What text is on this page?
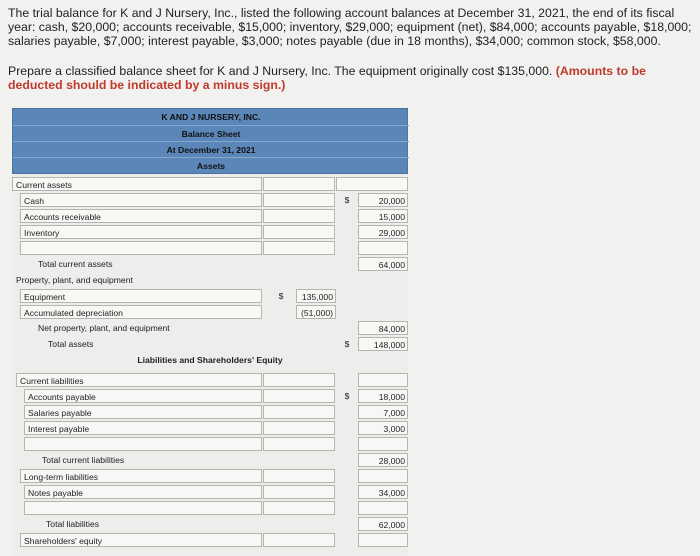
The trial balance for K and J Nursery, Inc., listed the following account balances at December 31, 2021, the end of its fiscal year: cash, $20,000; accounts receivable, $15,000; inventory, $29,000; equipment (net), $84,000; accounts payable, $18,000; salaries payable, $7,000; interest payable, $3,000; notes payable (due in 18 months), $34,000; common stock, $58,000.

Prepare a classified balance sheet for K and J Nursery, Inc. The equipment originally cost $135,000. (Amounts to be deducted should be indicated by a minus sign.)
K AND J NURSERY, INC.
Balance Sheet
At December 31, 2021
Assets
Current assets
Cash	$	20,000
Accounts receivable	15,000
Inventory	29,000
Total current assets	64,000
Property, plant, and equipment
Equipment	$	135,000
Accumulated depreciation	(51,000)
Net property, plant, and equipment	84,000
Total assets	$	148,000
Liabilities and Shareholders' Equity
Current liabilities
Accounts payable	$	18,000
Salaries payable	7,000
Interest payable	3,000
Total current liabilities	28,000
Long-term liabilities
Notes payable	34,000
Total liabilities	62,000
Shareholders' equity
